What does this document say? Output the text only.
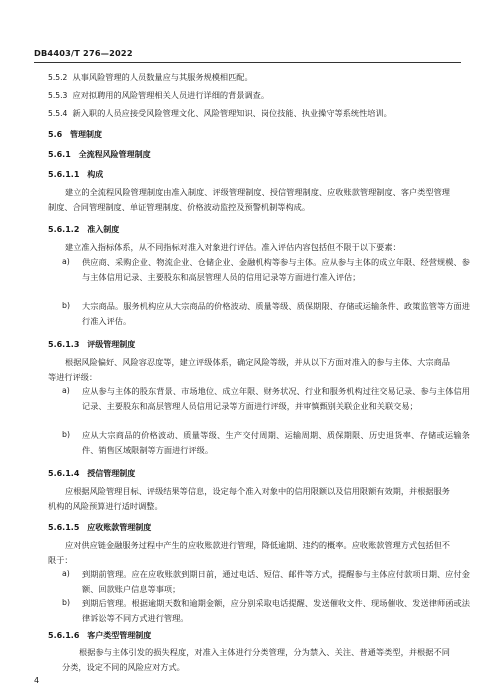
DB4403/T 276—2022
5.5.2 从事风险管理的人员数量应与其服务规模相匹配。
5.5.3 应对拟聘用的风险管理相关人员进行详细的背景调查。
5.5.4 新入职的人员应接受风险管理文化、风险管理知识、岗位技能、执业操守等系统性培训。
5.6 管理制度
5.6.1 全流程风险管理制度
5.6.1.1 构成
建立的全流程风险管理制度由准入制度、评级管理制度、授信管理制度、应收账款管理制度、客户类型管理制度、合同管理制度、单证管理制度、价格波动监控及预警机制等构成。
5.6.1.2 准入制度
建立准入指标体系，从不同指标对准入对象进行评估。准入评估内容包括但不限于以下要素：
a) 供应商、采购企业、物流企业、仓储企业、金融机构等参与主体。应从参与主体的成立年限、经营规模、参与主体信用记录、主要股东和高层管理人员的信用记录等方面进行准入评估；
b) 大宗商品。服务机构应从大宗商品的价格波动、质量等级、质保期限、存储或运输条件、政策监管等方面进行准入评估。
5.6.1.3 评级管理制度
根据风险偏好、风险容忍度等，建立评级体系，确定风险等级，并从以下方面对准入的参与主体、大宗商品等进行评级：
a) 应从参与主体的股东背景、市场地位、成立年限、财务状况、行业和服务机构过往交易记录、参与主体信用记录、主要股东和高层管理人员信用记录等方面进行评级，并审慎甄别关联企业和关联交易；
b) 应从大宗商品的价格波动、质量等级、生产交付周期、运输周期、质保期限、历史退货率、存储或运输条件、销售区域限制等方面进行评级。
5.6.1.4 授信管理制度
应根据风险管理目标、评级结果等信息，设定每个准入对象中的信用限额以及信用限额有效期，并根据服务机构的风险预算进行适时调整。
5.6.1.5 应收账款管理制度
应对供应链金融服务过程中产生的应收账款进行管理，降低逾期、违约的概率。应收账款管理方式包括但不限于：
a) 到期前管理。应在应收账款到期日前，通过电话、短信、邮件等方式，提醒参与主体应付款项日期、应付金额、回款账户信息等事项；
b) 到期后管理。根据逾期天数和逾期金额，应分别采取电话提醒、发送催收文件、现场催收、发送律师函或法律诉讼等不同方式进行管理。
5.6.1.6 客户类型管理制度
根据参与主体引发的损失程度，对准入主体进行分类管理，分为禁入、关注、普通等类型，并根据不同分类，设定不同的风险应对方式。
4
